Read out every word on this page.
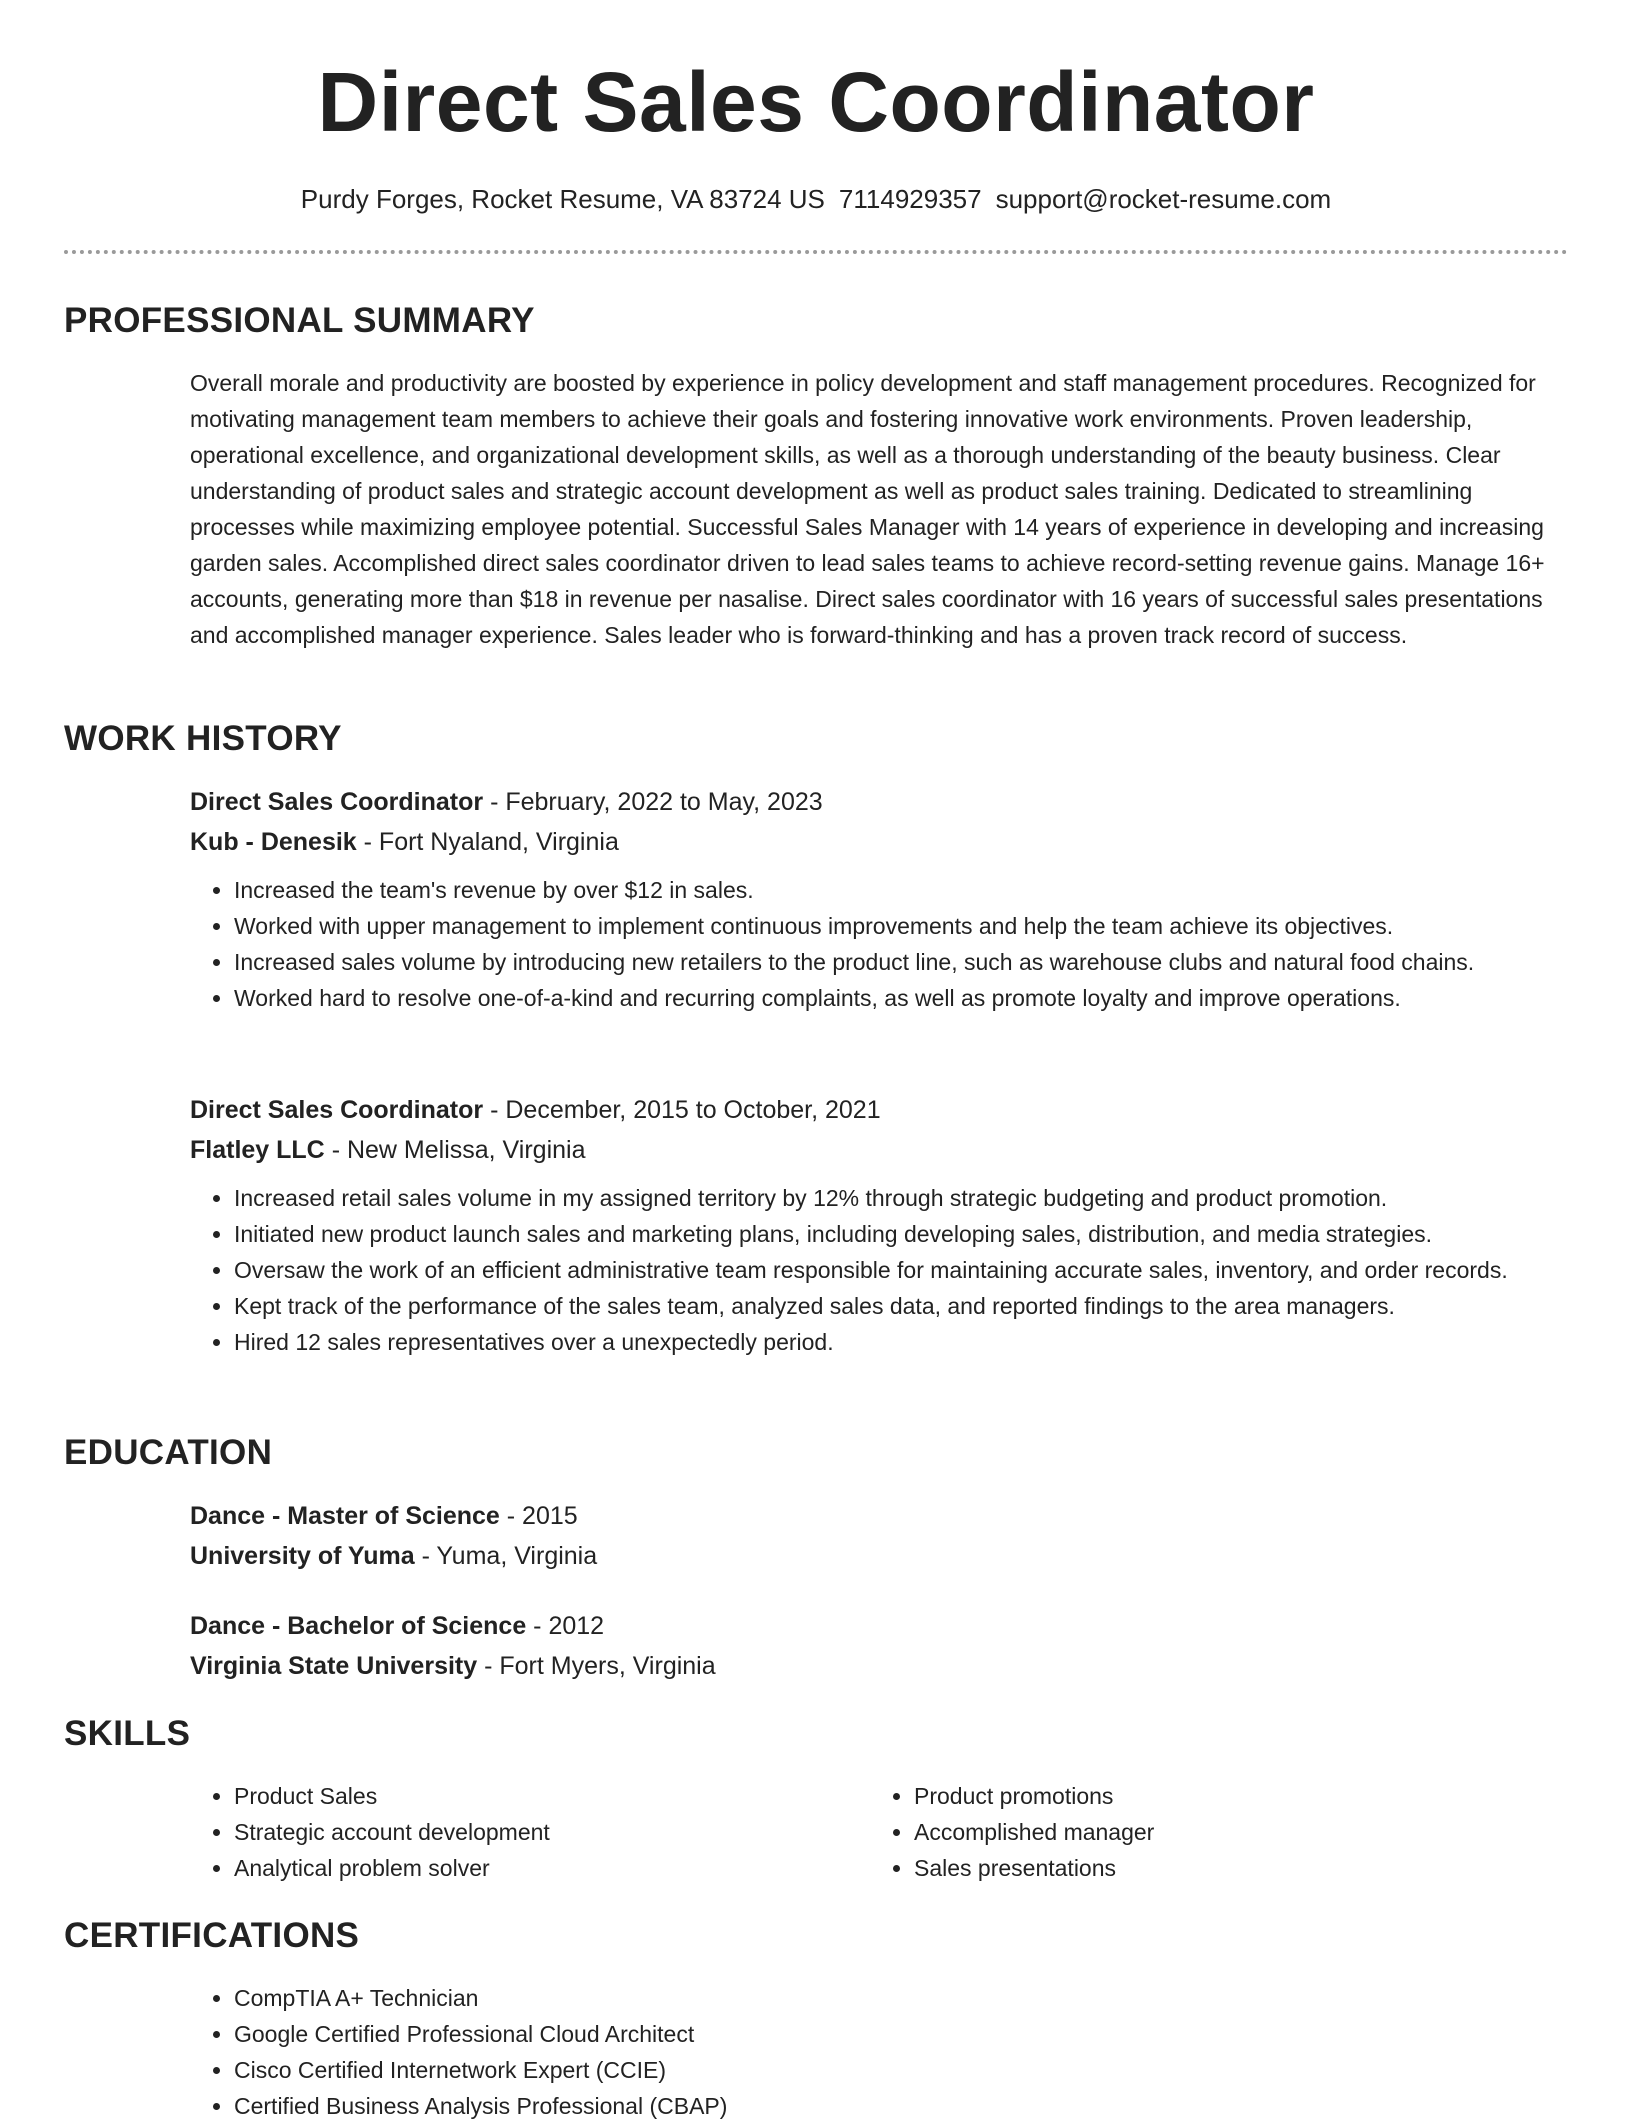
Direct Sales Coordinator
Purdy Forges, Rocket Resume, VA 83724 US 7114929357 support@rocket-resume.com
PROFESSIONAL SUMMARY

Overall morale and productivity are boosted by experience in policy development and staff management procedures. Recognized for motivating management team members to achieve their goals and fostering innovative work environments. Proven leadership, operational excellence, and organizational development skills, as well as a thorough understanding of the beauty business. Clear understanding of product sales and strategic account development as well as product sales training. Dedicated to streamlining processes while maximizing employee potential. Successful Sales Manager with 14 years of experience in developing and increasing garden sales. Accomplished direct sales coordinator driven to lead sales teams to achieve record-setting revenue gains. Manage 16+ accounts, generating more than $18 in revenue per nasalise. Direct sales coordinator with 16 years of successful sales presentations and accomplished manager experience. Sales leader who is forward-thinking and has a proven track record of success.

WORK HISTORY

Direct Sales Coordinator - February, 2022 to May, 2023

Kub - Denesik - Fort Nyaland, Virginia

• Increased the team's revenue by over $12 in sales.
• Worked with upper management to implement continuous improvements and help the team achieve its objectives.
• Increased sales volume by introducing new retailers to the product line, such as warehouse clubs and natural food chains.
• Worked hard to resolve one-of-a-kind and recurring complaints, as well as promote loyalty and improve operations.

Direct Sales Coordinator - December, 2015 to October, 2021

Flatley LLC - New Melissa, Virginia

• Increased retail sales volume in my assigned territory by 12% through strategic budgeting and product promotion.
• Initiated new product launch sales and marketing plans, including developing sales, distribution, and media strategies.
• Oversaw the work of an efficient administrative team responsible for maintaining accurate sales, inventory, and order records.
• Kept track of the performance of the sales team, analyzed sales data, and reported findings to the area managers.
• Hired 12 sales representatives over a unexpectedly period.
EDUCATION

Dance - Master of Science - 2015

University of Yuma - Yuma, Virginia

Dance - Bachelor of Science - 2012

Virginia State University - Fort Myers, Virginia

SKILLS
• Product Sales
• Strategic account development
• Analytical problem solver
• Product promotions
• Accomplished manager
• Sales presentations
CERTIFICATIONS
• CompTIA A+ Technician
• Google Certified Professional Cloud Architect
• Cisco Certified Internetwork Expert (CCIE)
• Certified Business Analysis Professional (CBAP)
